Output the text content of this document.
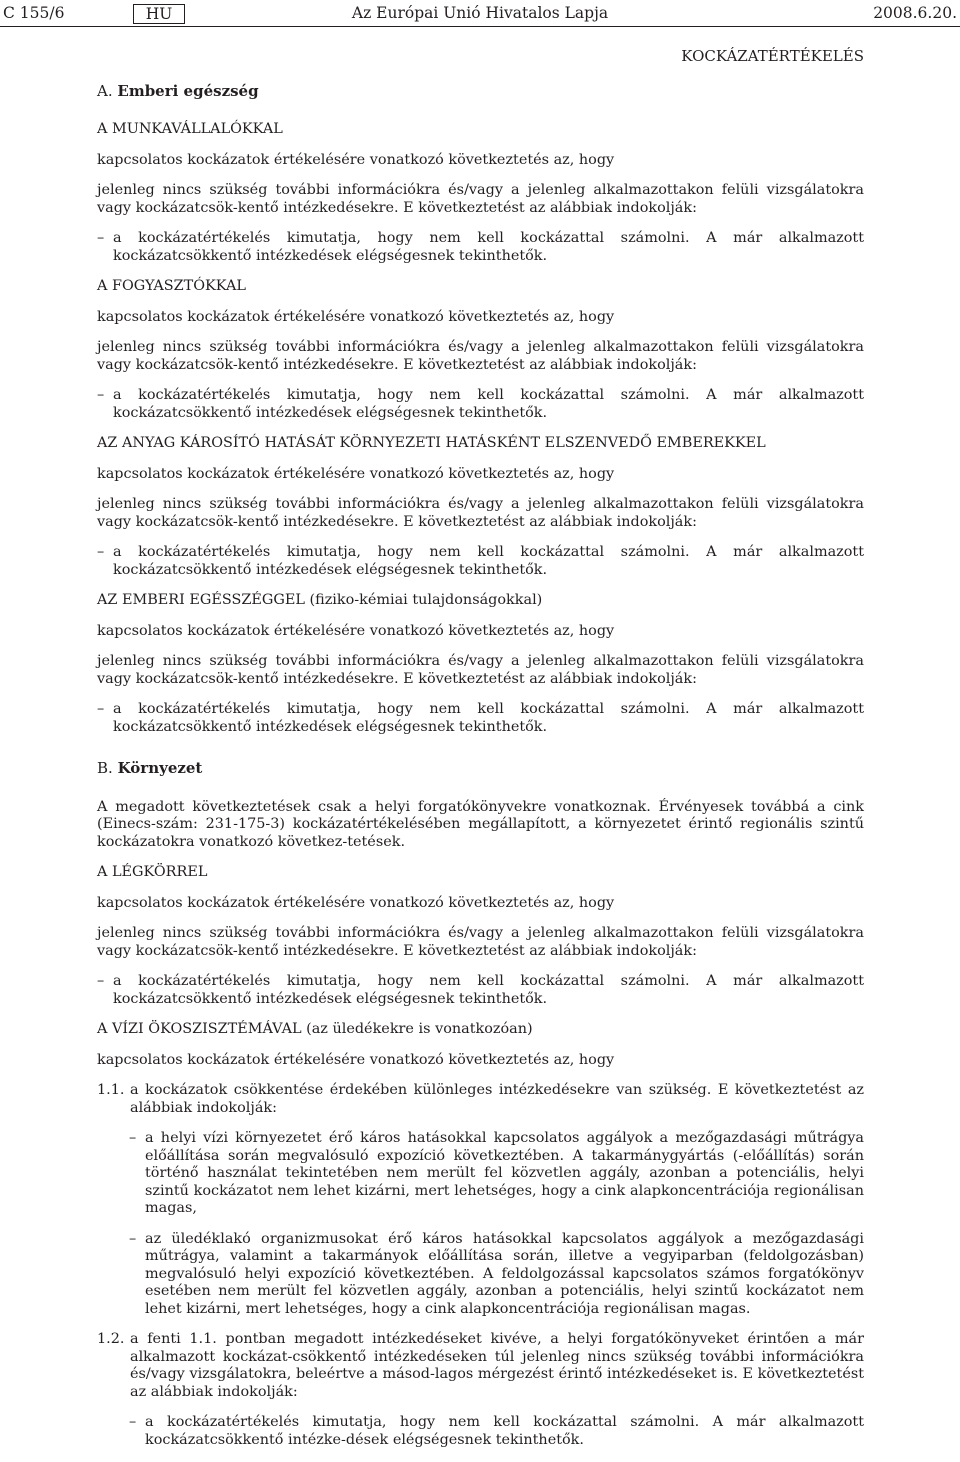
C 155/6	HU	Az Európai Unió Hivatalos Lapja	2008.6.20.
KOCKÁZATÉRTÉKELÉS
A. Emberi egészség
A MUNKAVÁLLALÓKKAL
kapcsolatos kockázatok értékelésére vonatkozó következtetés az, hogy
jelenleg nincs szükség további információkra és/vagy a jelenleg alkalmazottakon felüli vizsgálatokra vagy kockázatcsök-kentő intézkedésekre. E következtetést az alábbiak indokolják:
– a kockázatértékelés kimutatja, hogy nem kell kockázattal számolni. A már alkalmazott kockázatcsökkentő intézkedések elégségesnek tekinthetők.
A FOGYASZTÓKKAL
kapcsolatos kockázatok értékelésére vonatkozó következtetés az, hogy
jelenleg nincs szükség további információkra és/vagy a jelenleg alkalmazottakon felüli vizsgálatokra vagy kockázatcsök-kentő intézkedésekre. E következtetést az alábbiak indokolják:
– a kockázatértékelés kimutatja, hogy nem kell kockázattal számolni. A már alkalmazott kockázatcsökkentő intézkedések elégségesnek tekinthetők.
AZ ANYAG KÁROSÍTÓ HATÁSÁT KÖRNYEZETI HATÁSKÉNT ELSZENVEDŐ EMBEREKKEL
kapcsolatos kockázatok értékelésére vonatkozó következtetés az, hogy
jelenleg nincs szükség további információkra és/vagy a jelenleg alkalmazottakon felüli vizsgálatokra vagy kockázatcsök-kentő intézkedésekre. E következtetést az alábbiak indokolják:
– a kockázatértékelés kimutatja, hogy nem kell kockázattal számolni. A már alkalmazott kockázatcsökkentő intézkedések elégségesnek tekinthetők.
AZ EMBERI EGÉSSZÉGGEL (fiziko-kémiai tulajdonságokkal)
kapcsolatos kockázatok értékelésére vonatkozó következtetés az, hogy
jelenleg nincs szükség további információkra és/vagy a jelenleg alkalmazottakon felüli vizsgálatokra vagy kockázatcsök-kentő intézkedésekre. E következtetést az alábbiak indokolják:
– a kockázatértékelés kimutatja, hogy nem kell kockázattal számolni. A már alkalmazott kockázatcsökkentő intézkedések elégségesnek tekinthetők.
B. Környezet
A megadott következtetések csak a helyi forgatókönyvekre vonatkoznak. Érvényesek továbbá a cink (Einecs-szám: 231-175-3) kockázatértékelésében megállapított, a környezetet érintő regionális szintű kockázatokra vonatkozó következ-tetések.
A LÉGKÖRREL
kapcsolatos kockázatok értékelésére vonatkozó következtetés az, hogy
jelenleg nincs szükség további információkra és/vagy a jelenleg alkalmazottakon felüli vizsgálatokra vagy kockázatcsök-kentő intézkedésekre. E következtetést az alábbiak indokolják:
– a kockázatértékelés kimutatja, hogy nem kell kockázattal számolni. A már alkalmazott kockázatcsökkentő intézkedések elégségesnek tekinthetők.
A VÍZI ÖKOSZISZTÉMÁVAL (az üledékekre is vonatkozóan)
kapcsolatos kockázatok értékelésére vonatkozó következtetés az, hogy
1.1. a kockázatok csökkentése érdekében különleges intézkedésekre van szükség. E következtetést az alábbiak indokolják:
– a helyi vízi környezetet érő káros hatásokkal kapcsolatos aggályok a mezőgazdasági műtrágya előállítása során megvalósuló expozíció következtében. A takarmánygyártás (-előállítás) során történő használat tekintetében nem merült fel közvetlen aggály, azonban a potenciális, helyi szintű kockázatot nem lehet kizárni, mert lehetséges, hogy a cink alapkoncentrációja regionálisan magas,
– az üledéklakó organizmusokat érő káros hatásokkal kapcsolatos aggályok a mezőgazdasági műtrágya, valamint a takarmányok előállítása során, illetve a vegyiparban (feldolgozásban) megvalósuló helyi expozíció következtében. A feldolgozással kapcsolatos számos forgatókönyv esetében nem merült fel közvetlen aggály, azonban a potenciális, helyi szintű kockázatot nem lehet kizárni, mert lehetséges, hogy a cink alapkoncentrációja regionálisan magas.
1.2. a fenti 1.1. pontban megadott intézkedéseket kivéve, a helyi forgatókönyveket érintően a már alkalmazott kockázat-csökkentő intézkedéseken túl jelenleg nincs szükség további információkra és/vagy vizsgálatokra, beleértve a másod-lagos mérgezést érintő intézkedéseket is. E következtetést az alábbiak indokolják:
– a kockázatértékelés kimutatja, hogy nem kell kockázattal számolni. A már alkalmazott kockázatcsökkentő intézke-dések elégségesnek tekinthetők.
